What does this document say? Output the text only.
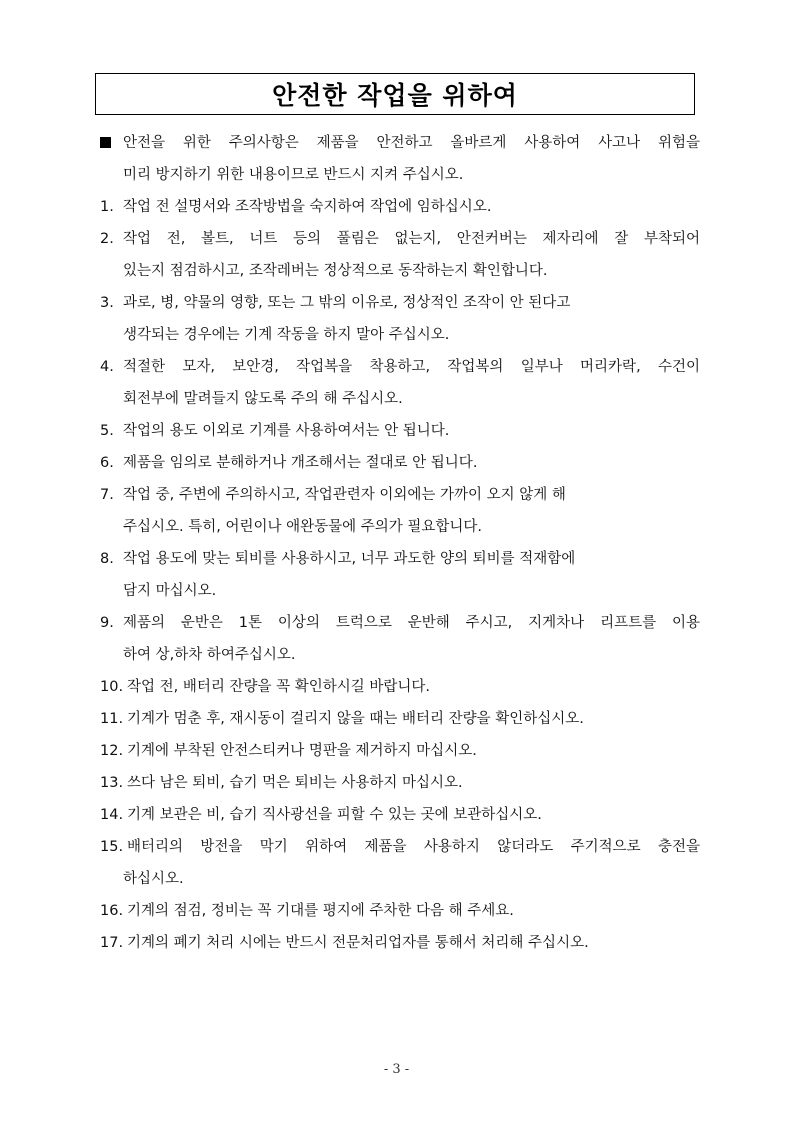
안전한 작업을 위하여
안전을 위한 주의사항은 제품을 안전하고 올바르게 사용하여 사고나 위험을
미리 방지하기 위한 내용이므로 반드시 지켜 주십시오.
1. 작업 전 설명서와 조작방법을 숙지하여 작업에 임하십시오.
2. 작업 전, 볼트, 너트 등의 풀림은 없는지, 안전커버는 제자리에 잘 부착되어
있는지 점검하시고, 조작레버는 정상적으로 동작하는지 확인합니다.
3. 과로, 병, 약물의 영향, 또는 그 밖의 이유로, 정상적인 조작이 안 된다고
생각되는 경우에는 기계 작동을 하지 말아 주십시오.
4. 적절한 모자, 보안경, 작업복을 착용하고, 작업복의 일부나 머리카락, 수건이
회전부에 말려들지 않도록 주의 해 주십시오.
5. 작업의 용도 이외로 기계를 사용하여서는 안 됩니다.
6. 제품을 임의로 분해하거나 개조해서는 절대로 안 됩니다.
7. 작업 중, 주변에 주의하시고, 작업관련자 이외에는 가까이 오지 않게 해
주십시오. 특히, 어린이나 애완동물에 주의가 필요합니다.
8. 작업 용도에 맞는 퇴비를 사용하시고, 너무 과도한 양의 퇴비를 적재함에
담지 마십시오.
9. 제품의 운반은 1톤 이상의 트럭으로 운반해 주시고, 지게차나 리프트를 이용
하여 상,하차 하여주십시오.
10. 작업 전, 배터리 잔량을 꼭 확인하시길 바랍니다.
11. 기계가 멈춘 후, 재시동이 걸리지 않을 때는 배터리 잔량을 확인하십시오.
12. 기계에 부착된 안전스티커나 명판을 제거하지 마십시오.
13. 쓰다 남은 퇴비, 습기 먹은 퇴비는 사용하지 마십시오.
14. 기계 보관은 비, 습기 직사광선을 피할 수 있는 곳에 보관하십시오.
15. 배터리의 방전을 막기 위하여 제품을 사용하지 않더라도 주기적으로 충전을
하십시오.
16. 기계의 점검, 정비는 꼭 기대를 평지에 주차한 다음 해 주세요.
17. 기계의 폐기 처리 시에는 반드시 전문처리업자를 통해서 처리해 주십시오.
- 3 -
